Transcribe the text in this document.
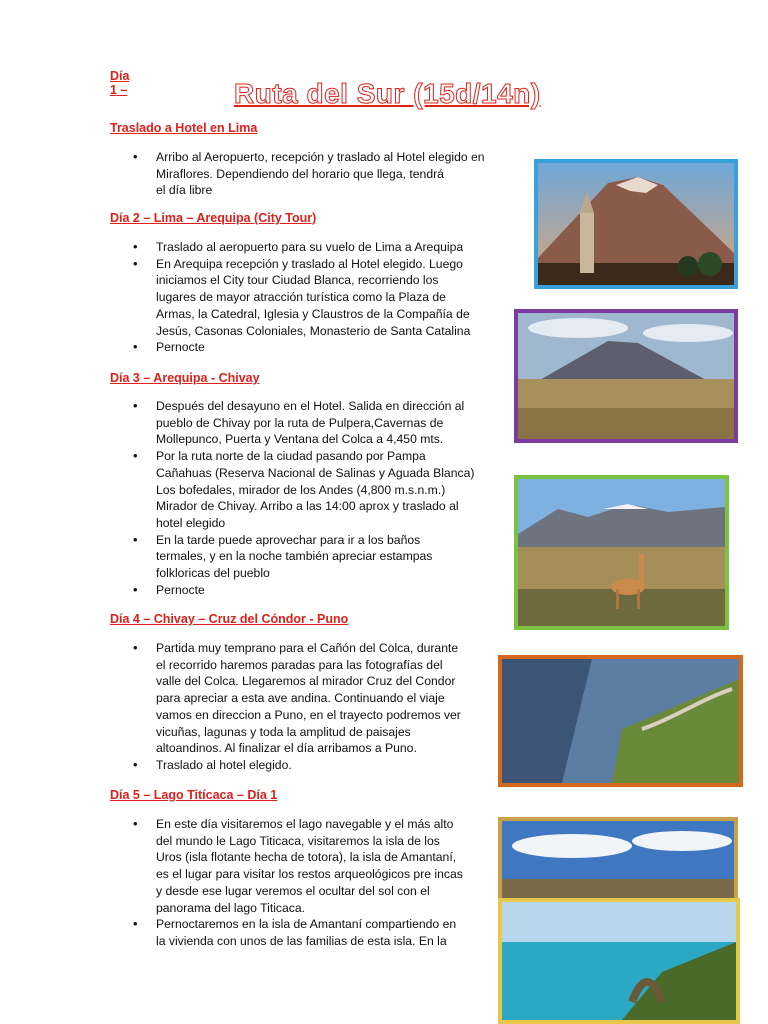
Día
1 –	Ruta del Sur (15d/14n)
Traslado a Hotel en Lima
• Arribo al Aeropuerto, recepción y traslado al Hotel elegido en
Miraflores. Dependiendo del horario que llega, tendrá
el día libre
Día 2 – Lima – Arequipa (City Tour)
• Traslado al aeropuerto para su vuelo de Lima a Arequipa
• En Arequipa recepción y traslado al Hotel elegido. Luego
iniciamos el City tour Ciudad Blanca, recorriendo los
lugares de mayor atracción turística como la Plaza de
Armas, la Catedral, Iglesia y Claustros de la Compañía de
Jesús, Casonas Coloniales, Monasterio de Santa Catalina
• Pernocte
Día 3 – Arequipa - Chivay
• Después del desayuno en el Hotel. Salida en dirección al
pueblo de Chivay por la ruta de Pulpera,Cavernas de
Mollepunco, Puerta y Ventana del Colca a 4,450 mts.
• Por la ruta norte de la ciudad pasando por Pampa
Cañahuas (Reserva Nacional de Salinas y Aguada Blanca)
Los bofedales, mirador de los Andes (4,800 m.s.n.m.)
Mirador de Chivay. Arribo a las 14:00 aprox y traslado al
hotel elegido
• En la tarde puede aprovechar para ir a los baños
termales, y en la noche también apreciar estampas
folkloricas del pueblo
• Pernocte
Día 4 – Chivay – Cruz del Cóndor - Puno
• Partida muy temprano para el Cañón del Colca, durante
el recorrido haremos paradas para las fotografías del
valle del Colca. Llegaremos al mirador Cruz del Condor
para apreciar a esta ave andina. Continuando el viaje
vamos en direccion a Puno, en el trayecto podremos ver
vicuñas, lagunas y toda la amplitud de paisajes
altoandinos. Al finalizar el día arribamos a Puno.
• Traslado al hotel elegido.
Día 5 – Lago Titícaca – Día 1
• En este día visitaremos el lago navegable y el más alto
del mundo le Lago Titicaca, visitaremos la isla de los
Uros (isla flotante hecha de totora), la isla de Amantaní,
es el lugar para visitar los restos arqueológicos pre incas
y desde ese lugar veremos el ocultar del sol con el
panorama del lago Titicaca.
• Pernoctaremos en la isla de Amantaní compartiendo en
la vivienda con unos de las familias de esta isla. En la
